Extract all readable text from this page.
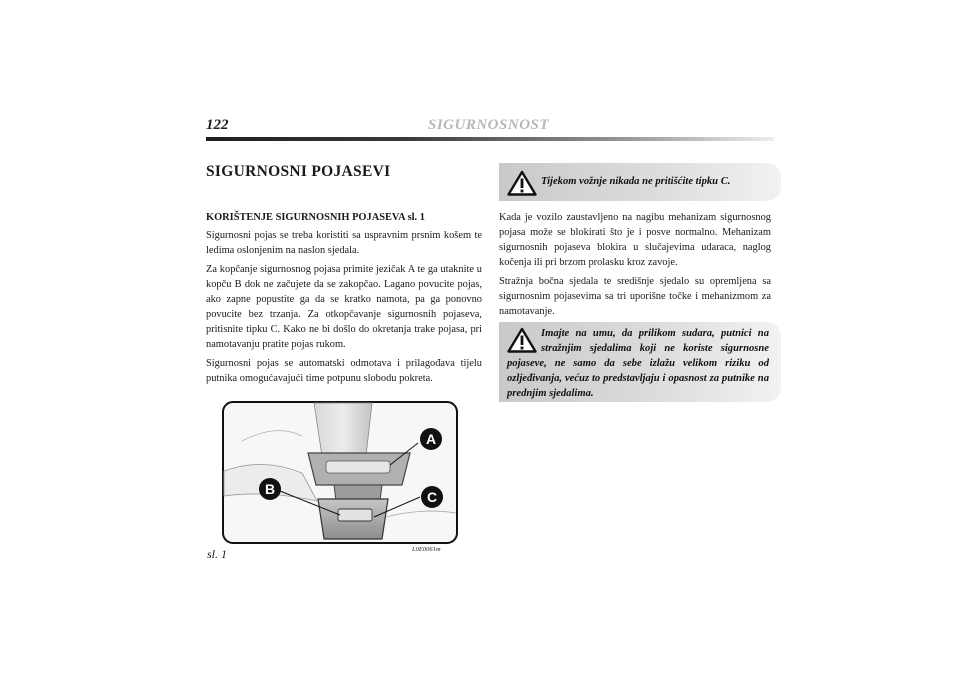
122	SIGURNOSNOST
SIGURNOSNI POJASEVI
KORIŠTENJE SIGURNOSNIH POJASEVA sl. 1

Sigurnosni pojas se treba koristiti sa uspravnim prsnim košem te ledima oslonjenim na naslon sjedala.

Za kopčanje sigurnosnog pojasa primite jezičak A te ga utaknite u kopču B dok ne začujete da se zakopčao. Lagano povucite pojas, ako zapne popustite ga da se kratko namota, pa ga ponovno povucite bez trzanja. Za otkopčavanje sigurnosnih pojaseva, pritisnite tipku C. Kako ne bi došlo do okretanja trake pojasa, pri namotavanju pratite pojas rukom.

Sigurnosni pojas se automatski odmotava i prilagođava tijelu putnika omogućavajući time potpunu slobodu pokreta.

Tijekom vožnje nikada ne pritišćite tipku C.

Kada je vozilo zaustavljeno na nagibu mehanizam sigurnosnog pojasa može se blokirati što je i posve normalno. Mehanizam sigurnosnih pojaseva blokira u slučajevima udaraca, naglog kočenja ili pri brzom prolasku kroz zavoje.

Stražnja bočna sjedala te središnje sjedalo su opremljena sa sigurnosnim pojasevima sa tri uporišne točke i mehanizmom za namotavanje.

Imajte na umu, da prilikom sudara, putnici na stražnjim sjedalima koji ne koriste sigurnosne pojaseve, ne samo da sebe izlažu velikom riziku od ozljeđivanja, većuz to predstavljaju i opasnost za putnike na prednjim sjedalima.
A
B	C
sl. 1	L0E0061m
